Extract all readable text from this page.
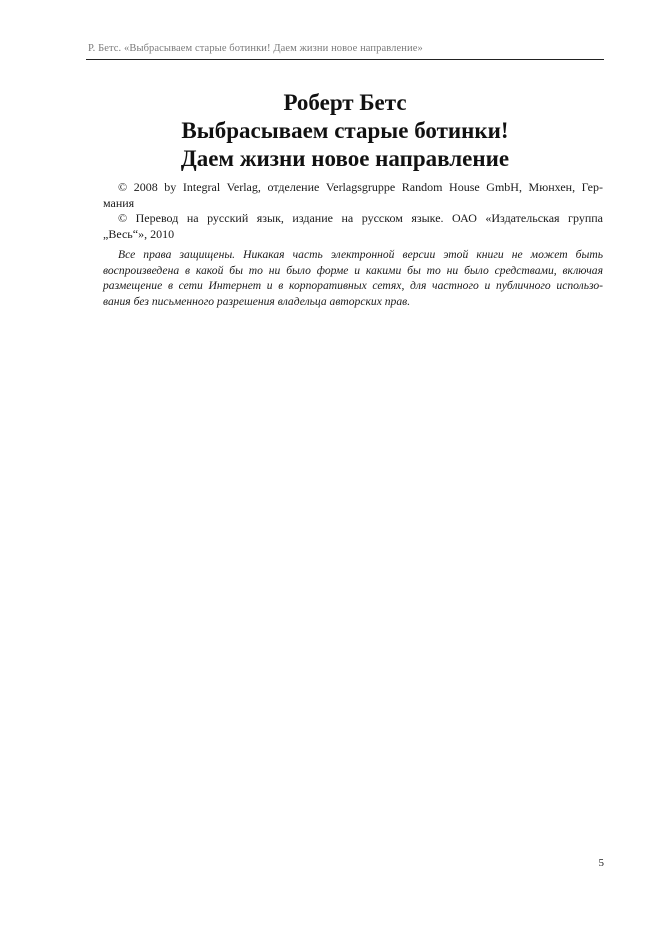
Р. Бетс. «Выбрасываем старые ботинки! Даем жизни новое направление»
Роберт Бетс
Выбрасываем старые ботинки!
Даем жизни новое направление
© 2008 by Integral Verlag, отделение Verlagsgruppe Random House GmbH, Мюнхен, Гер-
мания
© Перевод на русский язык, издание на русском языке. ОАО «Издательская группа
„Весь“», 2010
Все права защищены. Никакая часть электронной версии этой книги не может быть
воспроизведена в какой бы то ни было форме и какими бы то ни было средствами, включая
размещение в сети Интернет и в корпоративных сетях, для частного и публичного использо-
вания без письменного разрешения владельца авторских прав.
5
